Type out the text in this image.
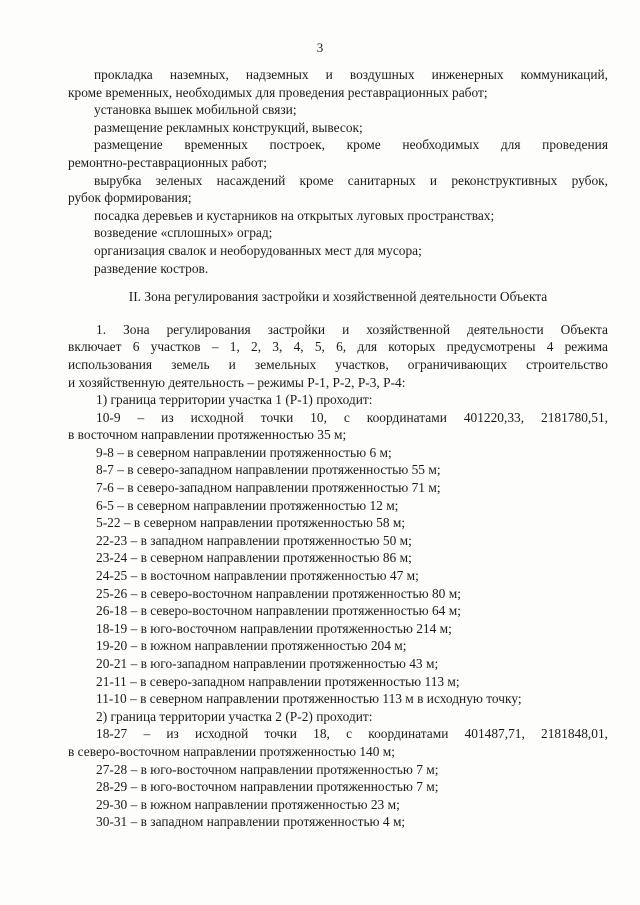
3
прокладка наземных, надземных и воздушных инженерных коммуникаций,
кроме временных, необходимых для проведения реставрационных работ;
установка вышек мобильной связи;
размещение рекламных конструкций, вывесок;
размещение временных построек, кроме необходимых для проведения
ремонтно-реставрационных работ;
вырубка зеленых насаждений кроме санитарных и реконструктивных рубок,
рубок формирования;
посадка деревьев и кустарников на открытых луговых пространствах;
возведение «сплошных» оград;
организация свалок и необорудованных мест для мусора;
разведение костров.
II. Зона регулирования застройки и хозяйственной деятельности Объекта
1. Зона регулирования застройки и хозяйственной деятельности Объекта
включает 6 участков – 1, 2, 3, 4, 5, 6, для которых предусмотрены 4 режима
использования земель и земельных участков, ограничивающих строительство
и хозяйственную деятельность – режимы Р-1, Р-2, Р-3, Р-4:
1) граница территории участка 1 (Р-1) проходит:
10-9 – из исходной точки 10, с координатами 401220,33, 2181780,51,
в восточном направлении протяженностью 35 м;
9-8 – в северном направлении протяженностью 6 м;
8-7 – в северо-западном направлении протяженностью 55 м;
7-6 – в северо-западном направлении протяженностью 71 м;
6-5 – в северном направлении протяженностью 12 м;
5-22 – в северном направлении протяженностью 58 м;
22-23 – в западном направлении протяженностью 50 м;
23-24 – в северном направлении протяженностью 86 м;
24-25 – в восточном направлении протяженностью 47 м;
25-26 – в северо-восточном направлении протяженностью 80 м;
26-18 – в северо-восточном направлении протяженностью 64 м;
18-19 – в юго-восточном направлении протяженностью 214 м;
19-20 – в южном направлении протяженностью 204 м;
20-21 – в юго-западном направлении протяженностью 43 м;
21-11 – в северо-западном направлении протяженностью 113 м;
11-10 – в северном направлении протяженностью 113 м в исходную точку;
2) граница территории участка 2 (Р-2) проходит:
18-27 – из исходной точки 18, с координатами 401487,71, 2181848,01,
в северо-восточном направлении протяженностью 140 м;
27-28 – в юго-восточном направлении протяженностью 7 м;
28-29 – в юго-восточном направлении протяженностью 7 м;
29-30 – в южном направлении протяженностью 23 м;
30-31 – в западном направлении протяженностью 4 м;
